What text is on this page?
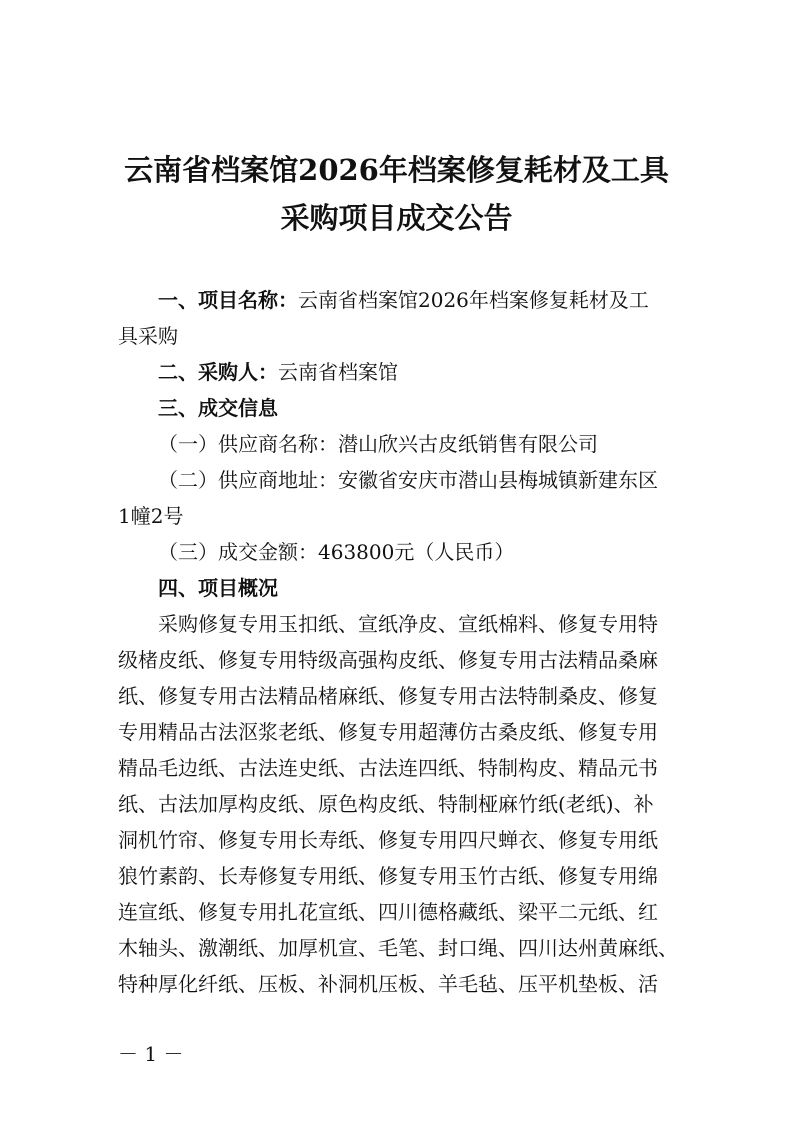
云南省档案馆2026年档案修复耗材及工具
采购项目成交公告
一、项目名称：云南省档案馆2026年档案修复耗材及工
具采购
二、采购人：云南省档案馆
三、成交信息
（一）供应商名称：潜山欣兴古皮纸销售有限公司
（二）供应商地址：安徽省安庆市潜山县梅城镇新建东区
1幢2号
（三）成交金额：463800元（人民币）
四、项目概况
采购修复专用玉扣纸、宣纸净皮、宣纸棉料、修复专用特
级楮皮纸、修复专用特级高强构皮纸、修复专用古法精品桑麻
纸、修复专用古法精品楮麻纸、修复专用古法特制桑皮、修复
专用精品古法沤浆老纸、修复专用超薄仿古桑皮纸、修复专用
精品毛边纸、古法连史纸、古法连四纸、特制构皮、精品元书
纸、古法加厚构皮纸、原色构皮纸、特制桠麻竹纸(老纸)、补
洞机竹帘、修复专用长寿纸、修复专用四尺蝉衣、修复专用纸
狼竹素韵、长寿修复专用纸、修复专用玉竹古纸、修复专用绵
连宣纸、修复专用扎花宣纸、四川德格藏纸、梁平二元纸、红
木轴头、激潮纸、加厚机宣、毛笔、封口绳、四川达州黄麻纸、
特种厚化纤纸、压板、补洞机压板、羊毛毡、压平机垫板、活
－ 1 －
